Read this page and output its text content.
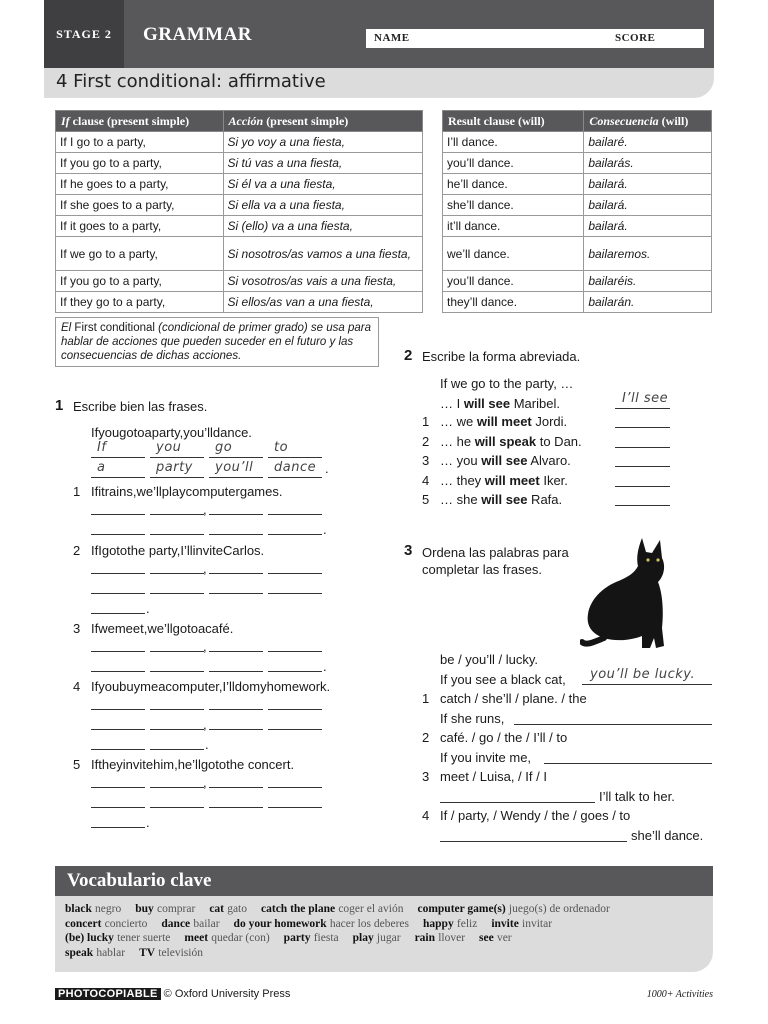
STAGE 2	GRAMMAR	NAME	SCORE
4 First conditional: affirmative
If clause (present simple)	Acción (present simple)
If I go to a party,	Si yo voy a una fiesta,
If you go to a party,	Si tú vas a una fiesta,
If he goes to a party,	Si él va a una fiesta,
If she goes to a party,	Si ella va a una fiesta,
If it goes to a party,	Si (ello) va a una fiesta,
If we go to a party,	Si nosotros/as vamos a una fiesta,
If you go to a party,	Si vosotros/as vais a una fiesta,
If they go to a party,	Si ellos/as van a una fiesta,
Result clause (will)	Consecuencia (will)
I’ll dance.	bailaré.
you’ll dance.	bailarás.
he’ll dance.	bailará.
she’ll dance.	bailará.
it’ll dance.	bailará.
we’ll dance.	bailaremos.
you’ll dance.	bailaréis.
they’ll dance.	bailarán.
El First conditional (condicional de primer grado) se usa para hablar de acciones que pueden suceder en el futuro y las consecuencias de dichas acciones.
1 Escribe bien las frases.
Ifyougotoaparty,you’lldance.
If	you	go	to
a	party you’ll dance .
1 Ifitrains,we’llplaycomputergames.
,
.
2 IfIgotothe party,I’llinviteCarlos.
,
.
3 Ifwemeet,we’llgotoacafé.
,
.
4 Ifyoubuymeacomputer,I’lldomyhomework.
,
.
5 Iftheyinvitehim,he’llgotothe concert.
,
.
2 Escribe la forma abreviada.
If we go to the party, …
… I will see Maribel.	I’ll see
1 … we will meet Jordi.
2 … he will speak to Dan.
3 … you will see Alvaro.
4 … they will meet Iker.
5 … she will see Rafa.
3 Ordena las palabras para completar las frases.
be / you’ll / lucky.
If you see a black cat, you’ll be lucky.
1 catch / she’ll / plane. / the
If she runs,
2 café. / go / the / I’ll / to
If you invite me,
3 meet / Luisa, / If / I
I’ll talk to her.
4 If / party, / Wendy / the / goes / to
she’ll dance.
Vocabulario clave
black negro buy comprar cat gato catch the plane coger el avión computer game(s) juego(s) de ordenador
concert concierto dance bailar do your homework hacer los deberes happy feliz invite invitar
(be) lucky tener suerte meet quedar (con) party fiesta play jugar rain llover see ver
speak hablar TV televisión
PHOTOCOPIABLE © Oxford University Press	1000+ Activities
